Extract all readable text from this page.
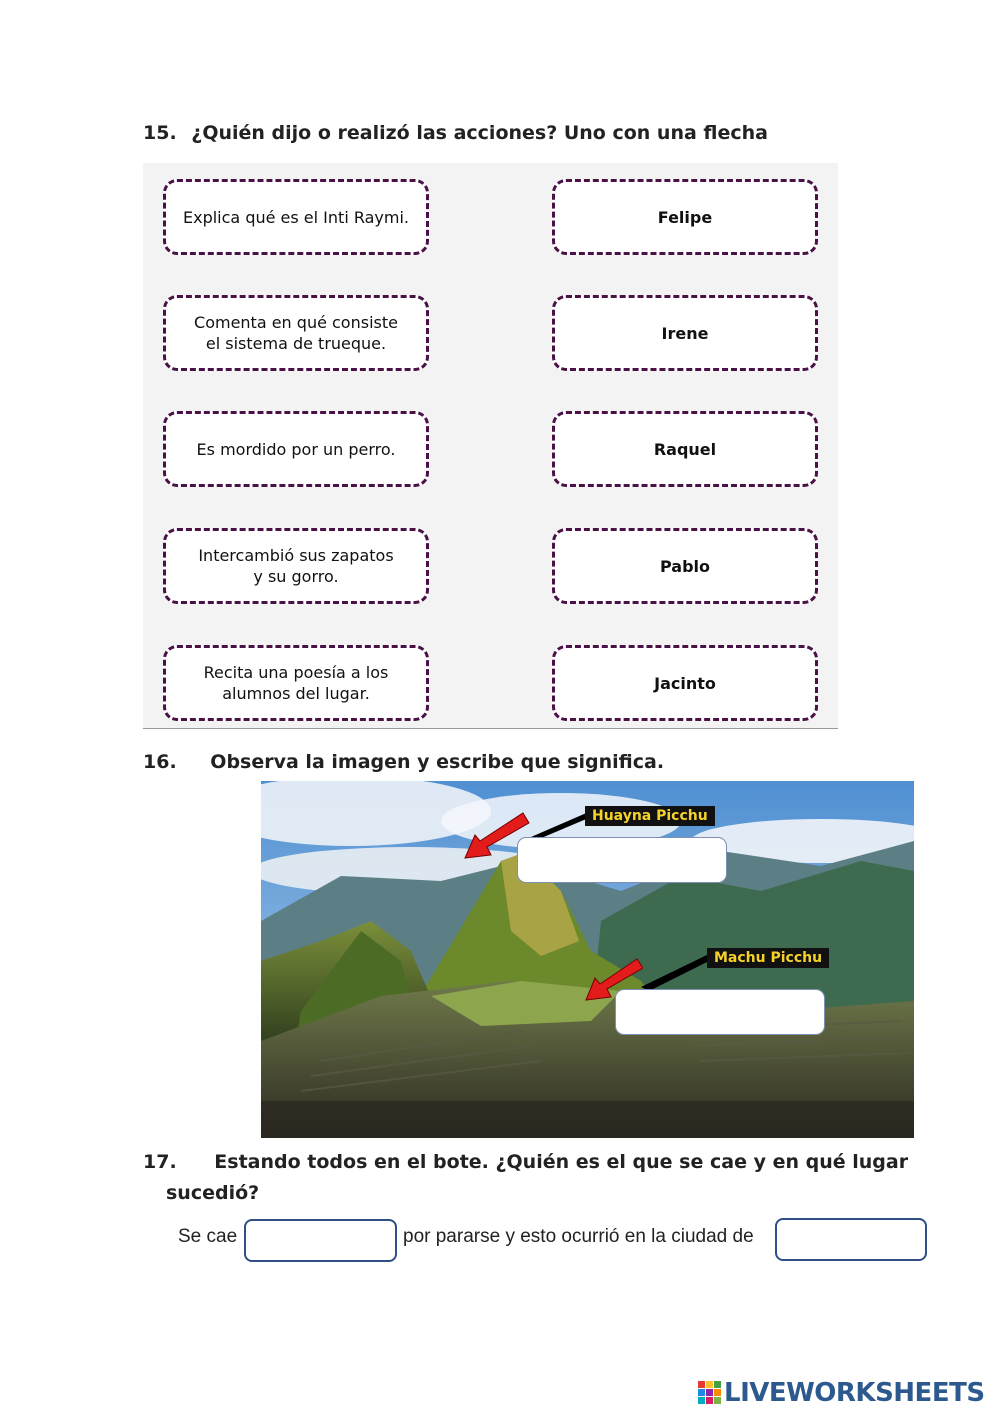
15. ¿Quién dijo o realizó las acciones? Uno con una flecha
Explica qué es el Inti Raymi.
Comenta en qué consiste
el sistema de trueque.
Es mordido por un perro.
Intercambió sus zapatos
y su gorro.
Recita una poesía a los
alumnos del lugar.
Felipe
Irene
Raquel
Pablo
Jacinto
16. Observa la imagen y escribe que significa.
Huayna Picchu
Machu Picchu
17. Estando todos en el bote. ¿Quién es el que se cae y en qué lugar
sucedió?
Se cae	por pararse y esto ocurrió en la ciudad de
LIVEWORKSHEETS
